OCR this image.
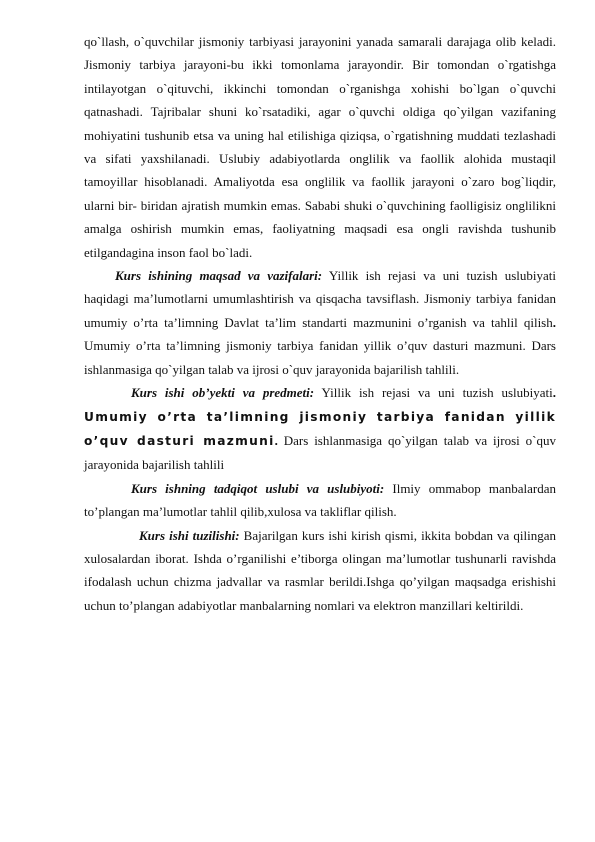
qo`llash, o`quvchilar jismoniy tarbiyasi jarayonini yanada samarali darajaga olib keladi. Jismoniy tarbiya jarayoni-bu ikki tomonlama jarayondir. Bir tomondan o`rgatishga intilayotgan o`qituvchi, ikkinchi tomondan o`rganishga xohishi bo`lgan o`quvchi qatnashadi. Tajribalar shuni ko`rsatadiki, agar o`quvchi oldiga qo`yilgan vazifaning mohiyatini tushunib etsa va uning hal etilishiga qiziqsa, o`rgatishning muddati tezlashadi va sifati yaxshilanadi. Uslubiy adabiyotlarda onglilik va faollik alohida mustaqil tamoyillar hisoblanadi. Amaliyotda esa onglilik va faollik jarayoni o`zaro bog`liqdir, ularni bir- biridan ajratish mumkin emas. Sababi shuki o`quvchining faolligisiz onglilikni amalga oshirish mumkin emas, faoliyatning maqsadi esa ongli ravishda tushunib etilgandagina inson faol bo`ladi.

Kurs ishining maqsad va vazifalari: Yillik ish rejasi va uni tuzish uslubiyati haqidagi ma’lumotlarni umumlashtirish va qisqacha tavsiflash. Jismoniy tarbiya fanidan umumiy o’rta ta’limning Davlat ta’lim standarti mazmunini o’rganish va tahlil qilish. Umumiy o’rta ta’limning jismoniy tarbiya fanidan yillik o’quv dasturi mazmuni. Dars ishlanmasiga qo`yilgan talab va ijrosi o`quv jarayonida bajarilish tahlili.

Kurs ishi ob’yekti va predmeti: Yillik ish rejasi va uni tuzish uslubiyati. Umumiy o’rta ta’limning jismoniy tarbiya fanidan yillik o’quv dasturi mazmuni. Dars ishlanmasiga qo`yilgan talab va ijrosi o`quv jarayonida bajarilish tahlili

Kurs ishning tadqiqot uslubi va uslubiyoti: Ilmiy ommabop manbalardan to’plangan ma’lumotlar tahlil qilib,xulosa va takliflar qilish.

Kurs ishi tuzilishi: Bajarilgan kurs ishi kirish qismi, ikkita bobdan va qilingan xulosalardan iborat. Ishda o’rganilishi e’tiborga olingan ma’lumotlar tushunarli ravishda ifodalash uchun chizma jadvallar va rasmlar berildi.Ishga qo’yilgan maqsadga erishishi uchun to’plangan adabiyotlar manbalarning nomlari va elektron manzillari keltirildi.
